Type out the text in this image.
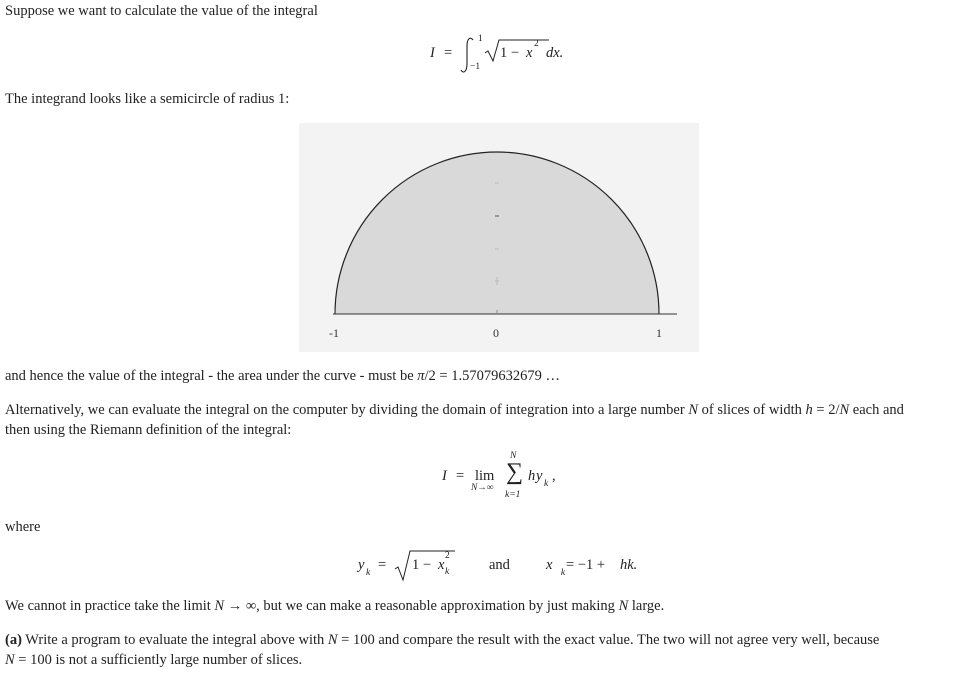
Suppose we want to calculate the value of the integral
I =
1
−1
1 − x
2
dx.
The integrand looks like a semicircle of radius 1:
-1	0	1
and hence the value of the integral - the area under the curve - must be π/2 = 1.57079632679 …
Alternatively, we can evaluate the integral on the computer by dividing the domain of integration into a large number N of slices of width h = 2/N each and
then using the Riemann definition of the integral:
I = lim
N→∞
N
∑
k=1
h y $_k$ ,
where
y $_k$ = 1 − x
2
k	and x $_k$ = −1 + hk.
We cannot in practice take the limit N → ∞, but we can make a reasonable approximation by just making N large.
(a) Write a program to evaluate the integral above with N = 100 and compare the result with the exact value. The two will not agree very well, because
N = 100 is not a sufficiently large number of slices.
